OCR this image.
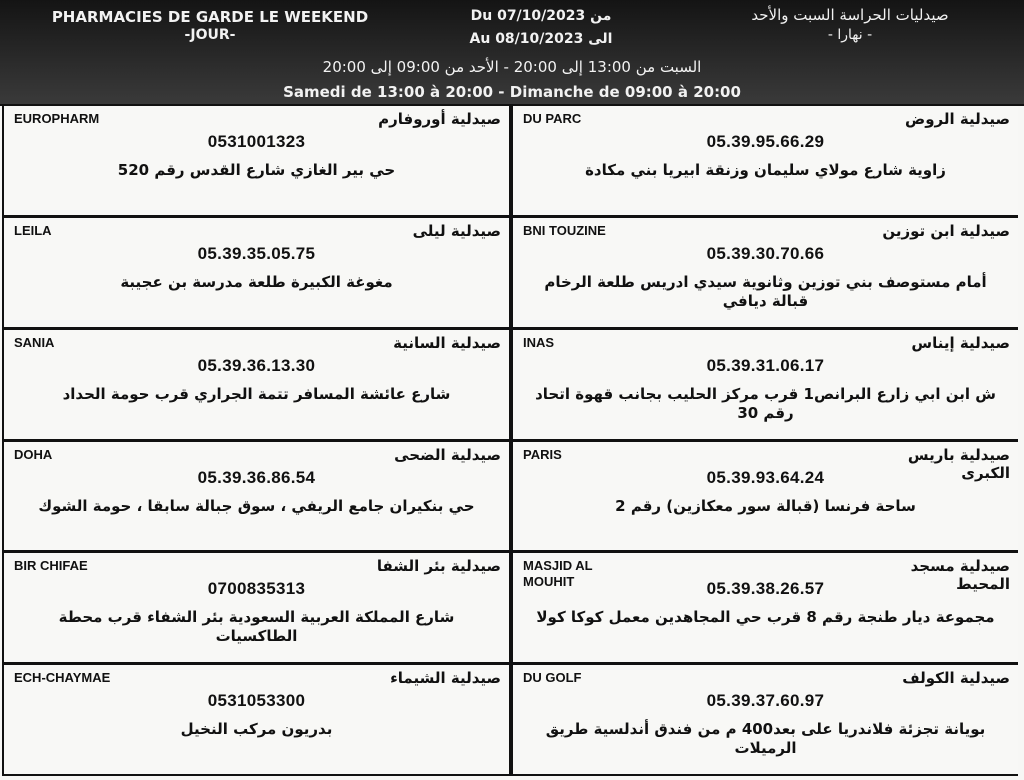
PHARMACIES DE GARDE LE WEEKEND
-JOUR-
Du 07/10/2023 من
Au 08/10/2023 الى
صيدليات الحراسة السبت والأحد
- نهارا -
السبت من 13:00 إلى 20:00 - الأحد من 09:00 إلى 20:00
Samedi de 13:00 à 20:00 - Dimanche de 09:00 à 20:00
EUROPHARM	صيدلية أوروفارم
0531001323
حي بير الغازي شارع القدس رقم 520
DU PARC	صيدلية الروض
05.39.95.66.29
زاوية شارع مولاي سليمان وزنقة ابيريا بني مكادة
LEILA	صيدلية ليلى
05.39.35.05.75
مغوغة الكبيرة طلعة مدرسة بن عجيبة
BNI TOUZINE	صيدلية ابن توزين
05.39.30.70.66
أمام مستوصف بني توزين وثانوية سيدي ادريس طلعة الرخام قبالة ديافي
SANIA	صيدلية السانية
05.39.36.13.30
شارع عائشة المسافر تتمة الجراري قرب حومة الحداد
INAS	صيدلية إيناس
05.39.31.06.17
ش ابن ابي زارع البرانص1 قرب مركز الحليب بجانب قهوة اتحاد رقم 30
DOHA	صيدلية الضحى
05.39.36.86.54
حي بنكيران جامع الريفي ، سوق جبالة سابقا ، حومة الشوك
PARIS	صيدلية باريس الكبرى
05.39.93.64.24
ساحة فرنسا (قبالة سور معكازين) رقم 2
BIR CHIFAE	صيدلية بئر الشفا
0700835313
شارع المملكة العربية السعودية بئر الشفاء قرب محطة الطاكسيات
MASJID AL MOUHIT
صيدلية مسجد المحيط
05.39.38.26.57
مجموعة ديار طنجة رقم 8 قرب حي المجاهدين معمل كوكا كولا
ECH-CHAYMAE	صيدلية الشيماء
0531053300
بدريون مركب النخيل
DU GOLF	صيدلية الكولف
05.39.37.60.97
بويانة تجزئة فلاندريا على بعد400 م من فندق أندلسية طريق الرميلات
